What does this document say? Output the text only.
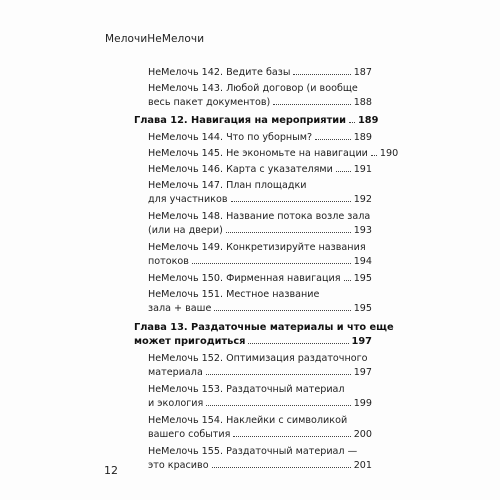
МелочиНеМелочи
НеМелочь 142. Ведите базы	187
НеМелочь 143. Любой договор (и вообще
весь пакет документов)	188
Глава 12. Навигация на мероприятии 189
НеМелочь 144. Что по уборным?	189
НеМелочь 145. Не экономьте на навигации 190
НеМелочь 146. Карта с указателями 191
НеМелочь 147. План площадки
для участников	192
НеМелочь 148. Название потока возле зала
(или на двери)	193
НеМелочь 149. Конкретизируйте названия
потоков	194
НеМелочь 150. Фирменная навигация 195
НеМелочь 151. Местное название
зала + ваше	195
Глава 13. Раздаточные материалы и что еще
может пригодиться	197
НеМелочь 152. Оптимизация раздаточного
материала	197
НеМелочь 153. Раздаточный материал
и экология	199
НеМелочь 154. Наклейки с символикой
вашего события	200
НеМелочь 155. Раздаточный материал —
это красиво	201
12
